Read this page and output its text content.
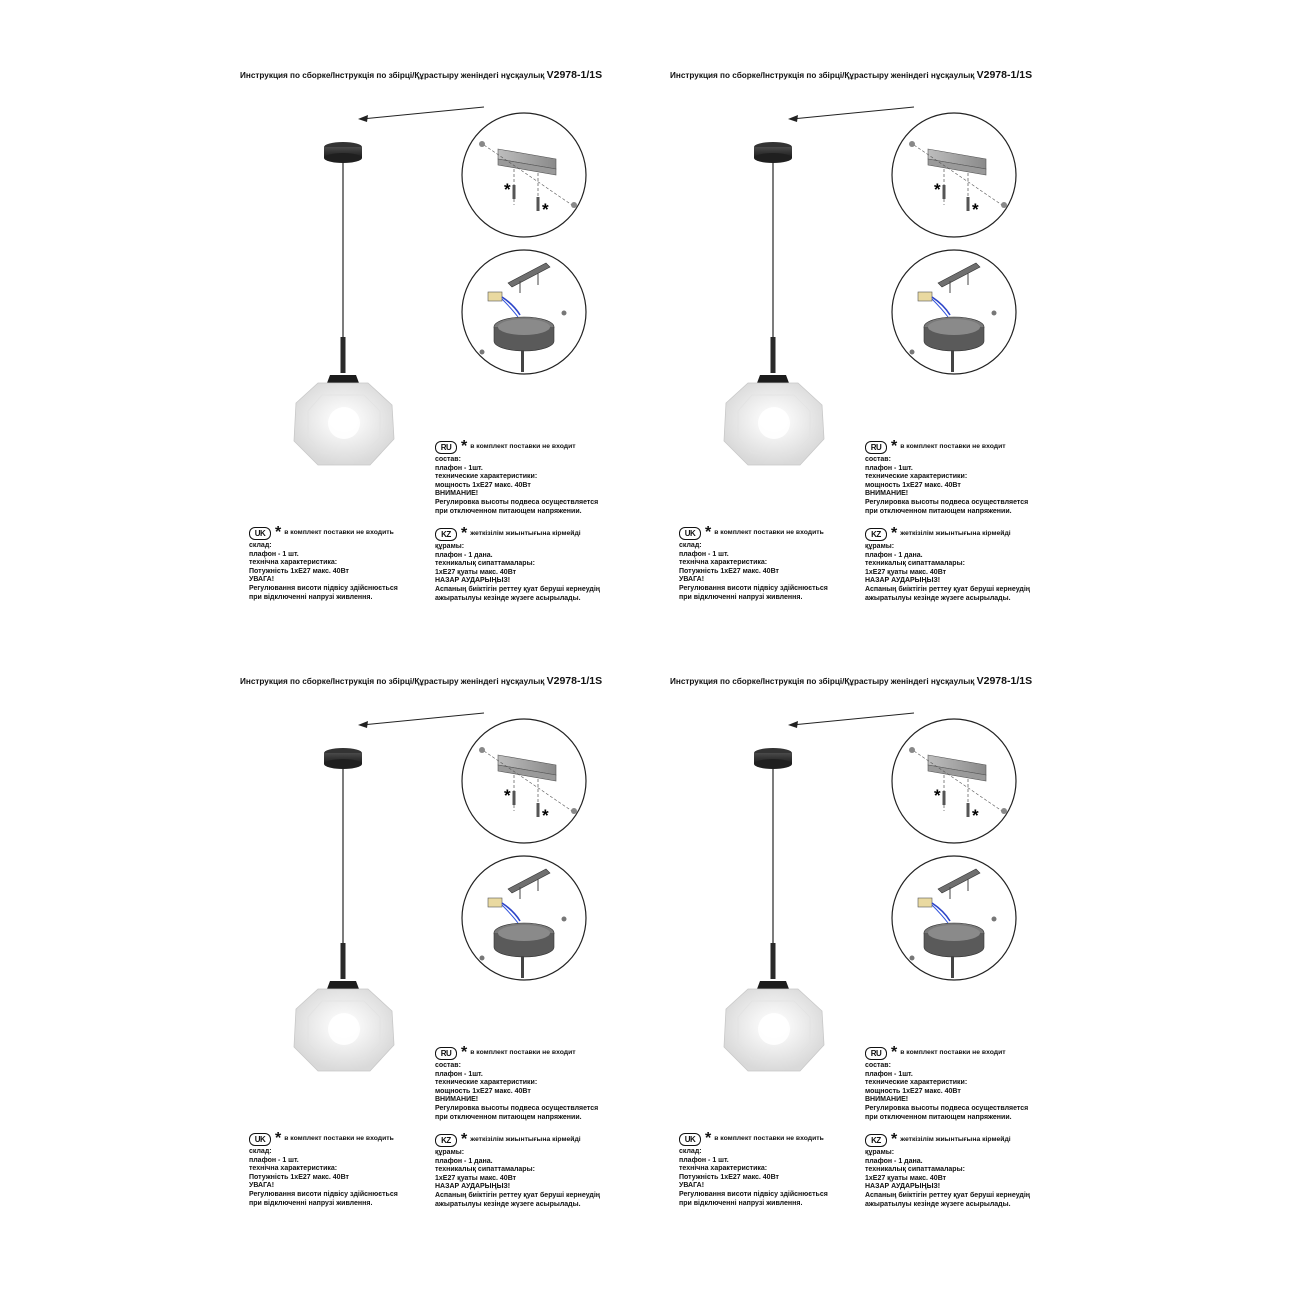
Инструкция по сборке/Інструкція по збірці/Құрастыру женіндегі нұсқаулық V2978-1/1S
*
*
RU * в комплект поставки не входит
состав:
плафон - 1шт.
технические характеристики:
мощность 1хЕ27 макс. 40Вт
ВНИМАНИЕ!
Регулировка высоты подвеса осуществляется
при отключенном питающем напряжении.
UK * в комплект поставки не входить
склад:
плафон - 1 шт.
технічна характеристика:
Потужність 1хЕ27 макс. 40Вт
УВАГА!
Регулювання висоти підвісу здійснюється
при відключенні напрузі живлення.
KZ * жеткізілім жиынтығына кірмейді
құрамы:
плафон - 1 дана.
техникалық сипаттамалары:
1хЕ27 қуаты макс. 40Вт
НАЗАР АУДАРЫҢЫЗ!
Аспаның биіктігін реттеу қуат беруші кернеудің
ажыратылуы кезінде жүзеге асырылады.
Инструкция по сборке/Інструкція по збірці/Құрастыру женіндегі нұсқаулық V2978-1/1S
*
*
RU * в комплект поставки не входит
состав:
плафон - 1шт.
технические характеристики:
мощность 1хЕ27 макс. 40Вт
ВНИМАНИЕ!
Регулировка высоты подвеса осуществляется
при отключенном питающем напряжении.
UK * в комплект поставки не входить
склад:
плафон - 1 шт.
технічна характеристика:
Потужність 1хЕ27 макс. 40Вт
УВАГА!
Регулювання висоти підвісу здійснюється
при відключенні напрузі живлення.
KZ * жеткізілім жиынтығына кірмейді
құрамы:
плафон - 1 дана.
техникалық сипаттамалары:
1хЕ27 қуаты макс. 40Вт
НАЗАР АУДАРЫҢЫЗ!
Аспаның биіктігін реттеу қуат беруші кернеудің
ажыратылуы кезінде жүзеге асырылады.
Инструкция по сборке/Інструкція по збірці/Құрастыру женіндегі нұсқаулық V2978-1/1S
*
*
RU * в комплект поставки не входит
состав:
плафон - 1шт.
технические характеристики:
мощность 1хЕ27 макс. 40Вт
ВНИМАНИЕ!
Регулировка высоты подвеса осуществляется
при отключенном питающем напряжении.
UK * в комплект поставки не входить
склад:
плафон - 1 шт.
технічна характеристика:
Потужність 1хЕ27 макс. 40Вт
УВАГА!
Регулювання висоти підвісу здійснюється
при відключенні напрузі живлення.
KZ * жеткізілім жиынтығына кірмейді
құрамы:
плафон - 1 дана.
техникалық сипаттамалары:
1хЕ27 қуаты макс. 40Вт
НАЗАР АУДАРЫҢЫЗ!
Аспаның биіктігін реттеу қуат беруші кернеудің
ажыратылуы кезінде жүзеге асырылады.
Инструкция по сборке/Інструкція по збірці/Құрастыру женіндегі нұсқаулық V2978-1/1S
*
*
RU * в комплект поставки не входит
состав:
плафон - 1шт.
технические характеристики:
мощность 1хЕ27 макс. 40Вт
ВНИМАНИЕ!
Регулировка высоты подвеса осуществляется
при отключенном питающем напряжении.
UK * в комплект поставки не входить
склад:
плафон - 1 шт.
технічна характеристика:
Потужність 1хЕ27 макс. 40Вт
УВАГА!
Регулювання висоти підвісу здійснюється
при відключенні напрузі живлення.
KZ * жеткізілім жиынтығына кірмейді
құрамы:
плафон - 1 дана.
техникалық сипаттамалары:
1хЕ27 қуаты макс. 40Вт
НАЗАР АУДАРЫҢЫЗ!
Аспаның биіктігін реттеу қуат беруші кернеудің
ажыратылуы кезінде жүзеге асырылады.
